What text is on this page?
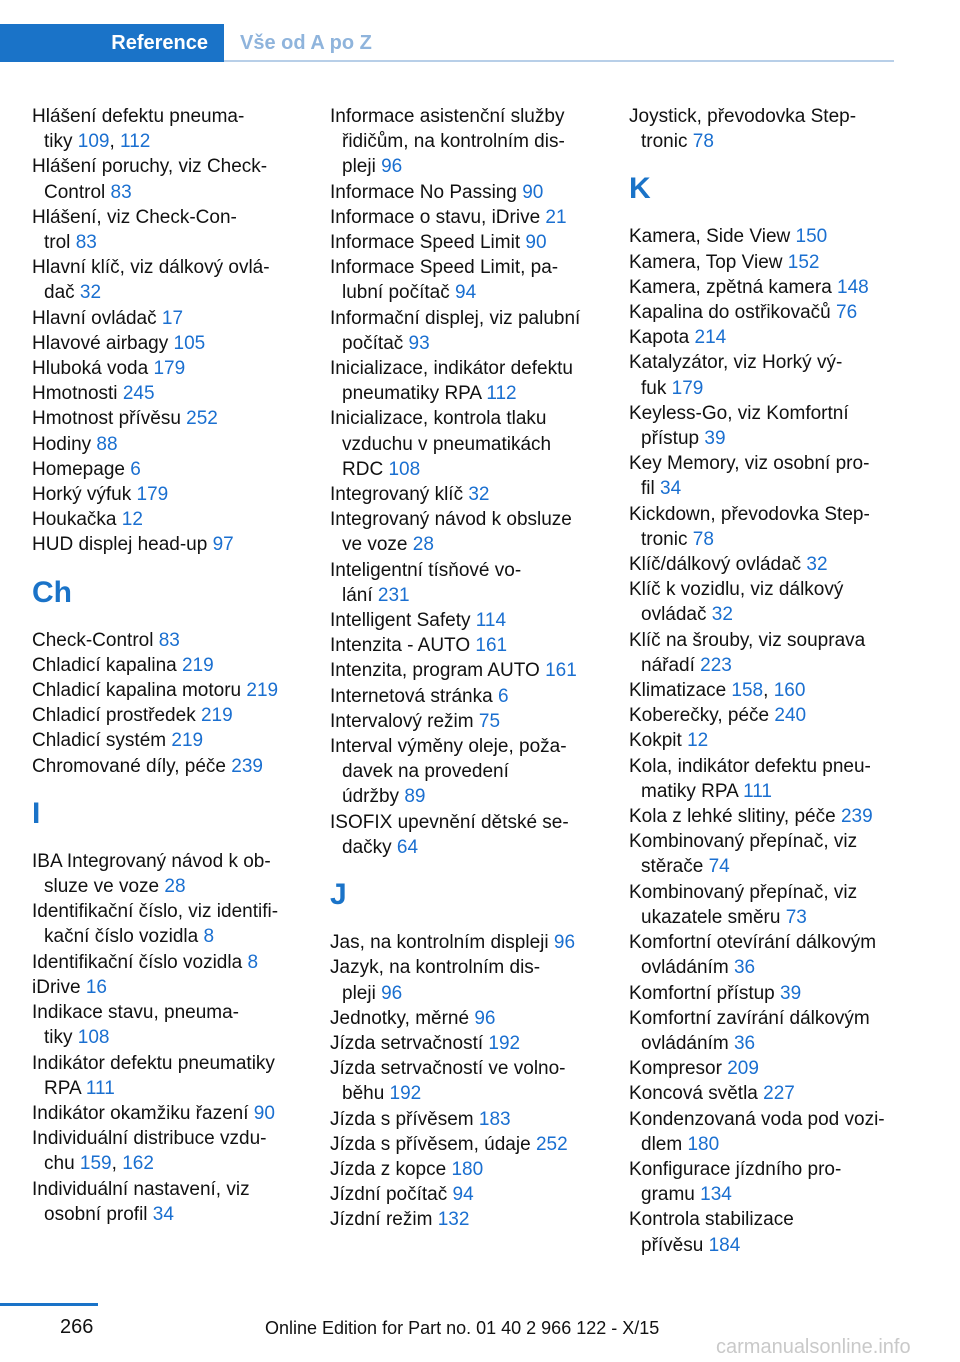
Reference	Vše od A po Z
Hlášení defektu pneuma-
tiky 109, 112
Hlášení poruchy, viz Check-
Control 83
Hlášení, viz Check-Con-
trol 83
Hlavní klíč, viz dálkový ovlá-
dač 32
Hlavní ovládač 17
Hlavové airbagy 105
Hluboká voda 179
Hmotnosti 245
Hmotnost přívěsu 252
Hodiny 88
Homepage 6
Horký výfuk 179
Houkačka 12
HUD displej head-up 97
Ch
Check-Control 83
Chladicí kapalina 219
Chladicí kapalina motoru 219
Chladicí prostředek 219
Chladicí systém 219
Chromované díly, péče 239
I
IBA Integrovaný návod k ob-
sluze ve voze 28
Identifikační číslo, viz identifi-
kační číslo vozidla 8
Identifikační číslo vozidla 8
iDrive 16
Indikace stavu, pneuma-
tiky 108
Indikátor defektu pneumatiky
RPA 111
Indikátor okamžiku řazení 90
Individuální distribuce vzdu-
chu 159, 162
Individuální nastavení, viz
osobní profil 34
Informace asistenční služby
řidičům, na kontrolním dis-
pleji 96
Informace No Passing 90
Informace o stavu, iDrive 21
Informace Speed Limit 90
Informace Speed Limit, pa-
lubní počítač 94
Informační displej, viz palubní
počítač 93
Inicializace, indikátor defektu
pneumatiky RPA 112
Inicializace, kontrola tlaku
vzduchu v pneumatikách
RDC 108
Integrovaný klíč 32
Integrovaný návod k obsluze
ve voze 28
Inteligentní tísňové vo-
lání 231
Intelligent Safety 114
Intenzita - AUTO 161
Intenzita, program AUTO 161
Internetová stránka 6
Intervalový režim 75
Interval výměny oleje, poža-
davek na provedení
údržby 89
ISOFIX upevnění dětské se-
dačky 64
J
Jas, na kontrolním displeji 96
Jazyk, na kontrolním dis-
pleji 96
Jednotky, měrné 96
Jízda setrvačností 192
Jízda setrvačností ve volno-
běhu 192
Jízda s přívěsem 183
Jízda s přívěsem, údaje 252
Jízda z kopce 180
Jízdní počítač 94
Jízdní režim 132
Joystick, převodovka Step-
tronic 78
K
Kamera, Side View 150
Kamera, Top View 152
Kamera, zpětná kamera 148
Kapalina do ostřikovačů 76
Kapota 214
Katalyzátor, viz Horký vý-
fuk 179
Keyless-Go, viz Komfortní
přístup 39
Key Memory, viz osobní pro-
fil 34
Kickdown, převodovka Step-
tronic 78
Klíč/dálkový ovládač 32
Klíč k vozidlu, viz dálkový
ovládač 32
Klíč na šrouby, viz souprava
nářadí 223
Klimatizace 158, 160
Koberečky, péče 240
Kokpit 12
Kola, indikátor defektu pneu-
matiky RPA 111
Kola z lehké slitiny, péče 239
Kombinovaný přepínač, viz
stěrače 74
Kombinovaný přepínač, viz
ukazatele směru 73
Komfortní otevírání dálkovým
ovládáním 36
Komfortní přístup 39
Komfortní zavírání dálkovým
ovládáním 36
Kompresor 209
Koncová světla 227
Kondenzovaná voda pod vozi-
dlem 180
Konfigurace jízdního pro-
gramu 134
Kontrola stabilizace
přívěsu 184
266	Online Edition for Part no. 01 40 2 966 122 - X/15
carmanualsonline.info
